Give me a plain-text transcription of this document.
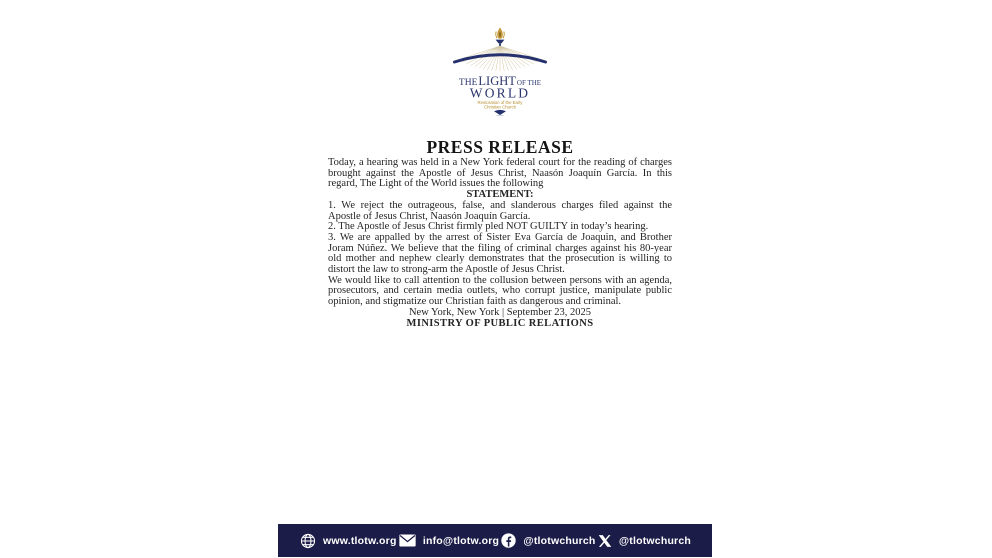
THELIGHTOF THE
WORLD
Restoration of the Early
Christian Church
PRESS RELEASE

Today, a hearing was held in a New York federal court for the reading of charges brought against the Apostle of Jesus Christ, Naasón Joaquín García. In this regard, The Light of the World issues the following

STATEMENT:

1. We reject the outrageous, false, and slanderous charges filed against the Apostle of Jesus Christ, Naasón Joaquín García.

2. The Apostle of Jesus Christ firmly pled NOT GUILTY in today’s hearing.

3. We are appalled by the arrest of Sister Eva García de Joaquin, and Brother Joram Núñez. We believe that the filing of criminal charges against his 80-year old mother and nephew clearly demonstrates that the prosecution is willing to distort the law to strong-arm the Apostle of Jesus Christ.

We would like to call attention to the collusion between persons with an agenda, prosecutors, and certain media outlets, who corrupt justice, manipulate public opinion, and stigmatize our Christian faith as dangerous and criminal.

New York, New York | September 23, 2025

MINISTRY OF PUBLIC RELATIONS

www.tlotw.org	info@tlotw.org @tlotwchurch @tlotwchurch
